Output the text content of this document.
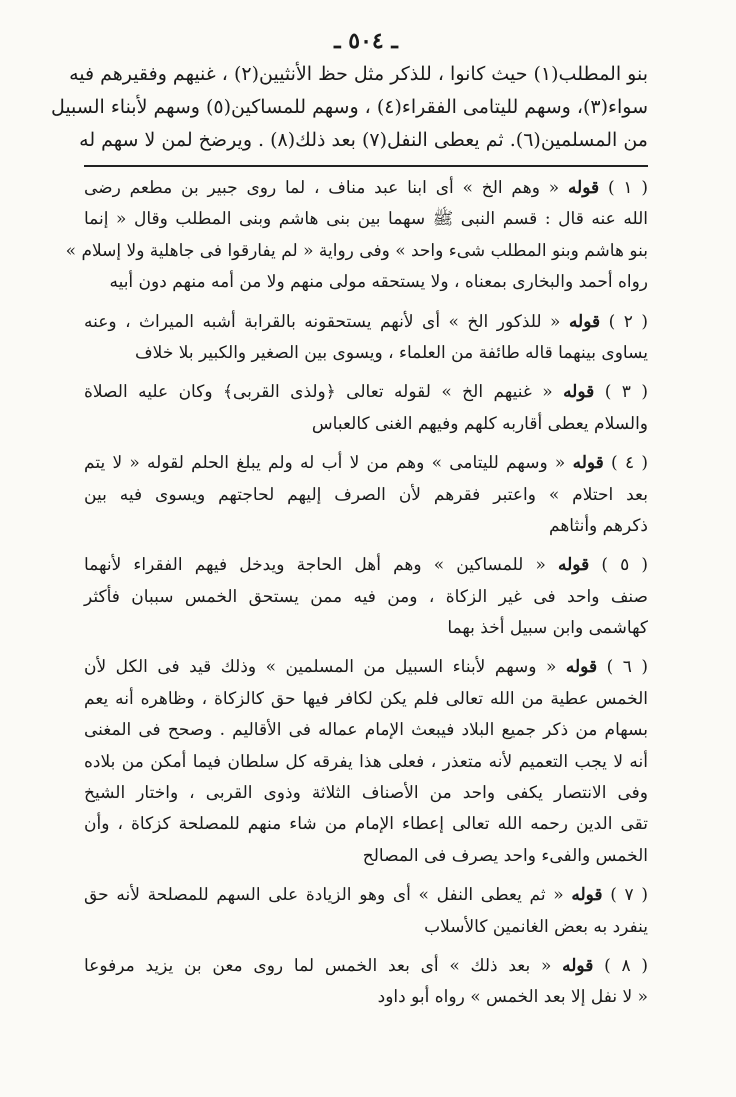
ـ ٥٠٤ ـ
بنو المطلب(١) حيث كانوا ، للذكر مثل حظ الأنثيين(٢) ، غنيهم وفقيرهم فيه
سواء(٣)، وسهم لليتامى الفقراء(٤) ، وسهم للمساكين(٥) وسهم لأبناء السبيل
من المسلمين(٦). ثم يعطى النفل(٧) بعد ذلك(٨) . ويرضخ لمن لا سهم له
( ١ ) قوله « وهم الخ » أى ابنا عبد مناف ، لما روى جبير بن مطعم رضى
الله عنه قال : قسم النبى ﷺ سهما بين بنى هاشم وبنى المطلب وقال « إنما
بنو هاشم وبنو المطلب شىء واحد » وفى رواية « لم يفارقوا فى جاهلية ولا إسلام »
رواه أحمد والبخارى بمعناه ، ولا يستحقه مولى منهم ولا من أمه منهم دون أبيه
( ٢ ) قوله « للذكور الخ » أى لأنهم يستحقونه بالقرابة أشبه الميراث ، وعنه
يساوى بينهما قاله طائفة من العلماء ، ويسوى بين الصغير والكبير بلا خلاف
( ٣ ) قوله « غنيهم الخ » لقوله تعالى ﴿ولذى القربى﴾ وكان عليه الصلاة
والسلام يعطى أقاربه كلهم وفيهم الغنى كالعباس
( ٤ ) قوله « وسهم لليتامى » وهم من لا أب له ولم يبلغ الحلم لقوله « لا يتم
بعد احتلام » واعتبر فقرهم لأن الصرف إليهم لحاجتهم ويسوى فيه بين
ذكرهم وأنثاهم
( ٥ ) قوله « للمساكين » وهم أهل الحاجة ويدخل فيهم الفقراء لأنهما
صنف واحد فى غير الزكاة ، ومن فيه ممن يستحق الخمس سببان فأكثر
كهاشمى وابن سبيل أخذ بهما
( ٦ ) قوله « وسهم لأبناء السبيل من المسلمين » وذلك قيد فى الكل لأن
الخمس عطية من الله تعالى فلم يكن لكافر فيها حق كالزكاة ، وظاهره أنه يعم
بسهام من ذكر جميع البلاد فيبعث الإمام عماله فى الأقاليم . وصحح فى المغنى
أنه لا يجب التعميم لأنه متعذر ، فعلى هذا يفرقه كل سلطان فيما أمكن من بلاده
وفى الانتصار يكفى واحد من الأصناف الثلاثة وذوى القربى ، واختار الشيخ
تقى الدين رحمه الله تعالى إعطاء الإمام من شاء منهم للمصلحة كزكاة ، وأن
الخمس والفىء واحد يصرف فى المصالح
( ٧ ) قوله « ثم يعطى النفل » أى وهو الزيادة على السهم للمصلحة لأنه حق
ينفرد به بعض الغانمين كالأسلاب
( ٨ ) قوله « بعد ذلك » أى بعد الخمس لما روى معن بن يزيد مرفوعا
« لا نفل إلا بعد الخمس » رواه أبو داود
